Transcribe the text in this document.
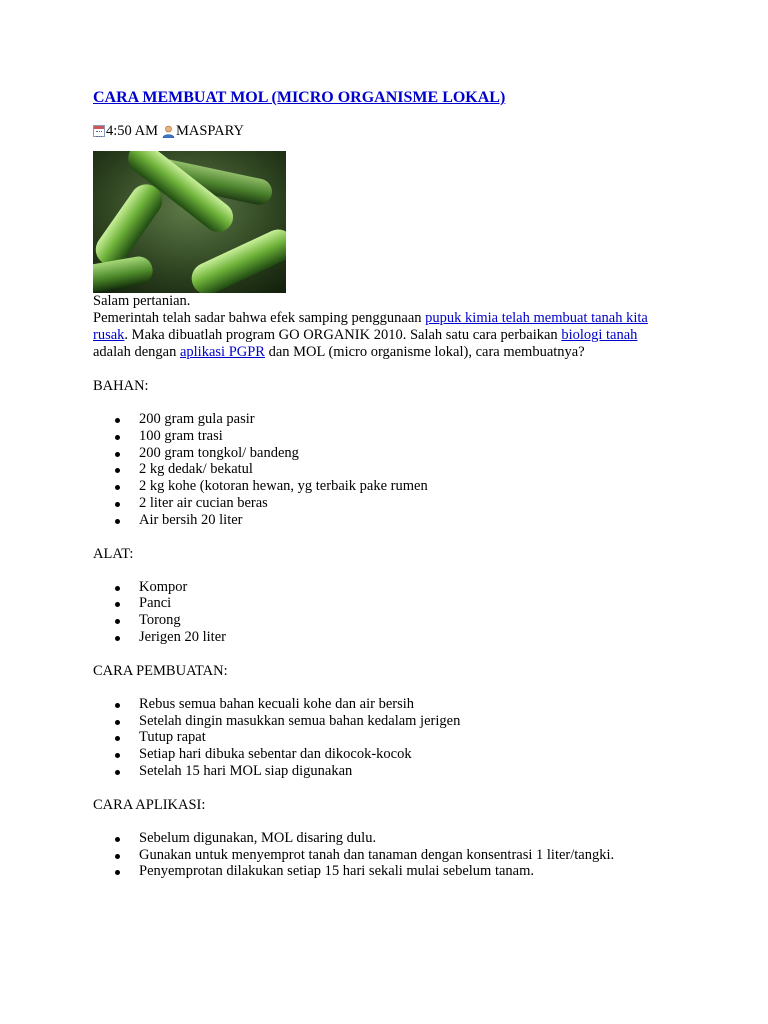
CARA MEMBUAT MOL (MICRO ORGANISME LOKAL)
4:50 AM MASPARY

Salam pertanian.

Pemerintah telah sadar bahwa efek samping penggunaan pupuk kimia telah membuat tanah kita rusak. Maka dibuatlah program GO ORGANIK 2010. Salah satu cara perbaikan biologi tanah adalah dengan aplikasi PGPR dan MOL (micro organisme lokal), cara membuatnya?

BAHAN:
200 gram gula pasir
100 gram trasi
200 gram tongkol/ bandeng
2 kg dedak/ bekatul
2 kg kohe (kotoran hewan, yg terbaik pake rumen
2 liter air cucian beras
Air bersih 20 liter
ALAT:
Kompor
Panci
Torong
Jerigen 20 liter
CARA PEMBUATAN:
Rebus semua bahan kecuali kohe dan air bersih
Setelah dingin masukkan semua bahan kedalam jerigen
Tutup rapat
Setiap hari dibuka sebentar dan dikocok-kocok
Setelah 15 hari MOL siap digunakan
CARA APLIKASI:
Sebelum digunakan, MOL disaring dulu.
Gunakan untuk menyemprot tanah dan tanaman dengan konsentrasi 1 liter/tangki.
Penyemprotan dilakukan setiap 15 hari sekali mulai sebelum tanam.
